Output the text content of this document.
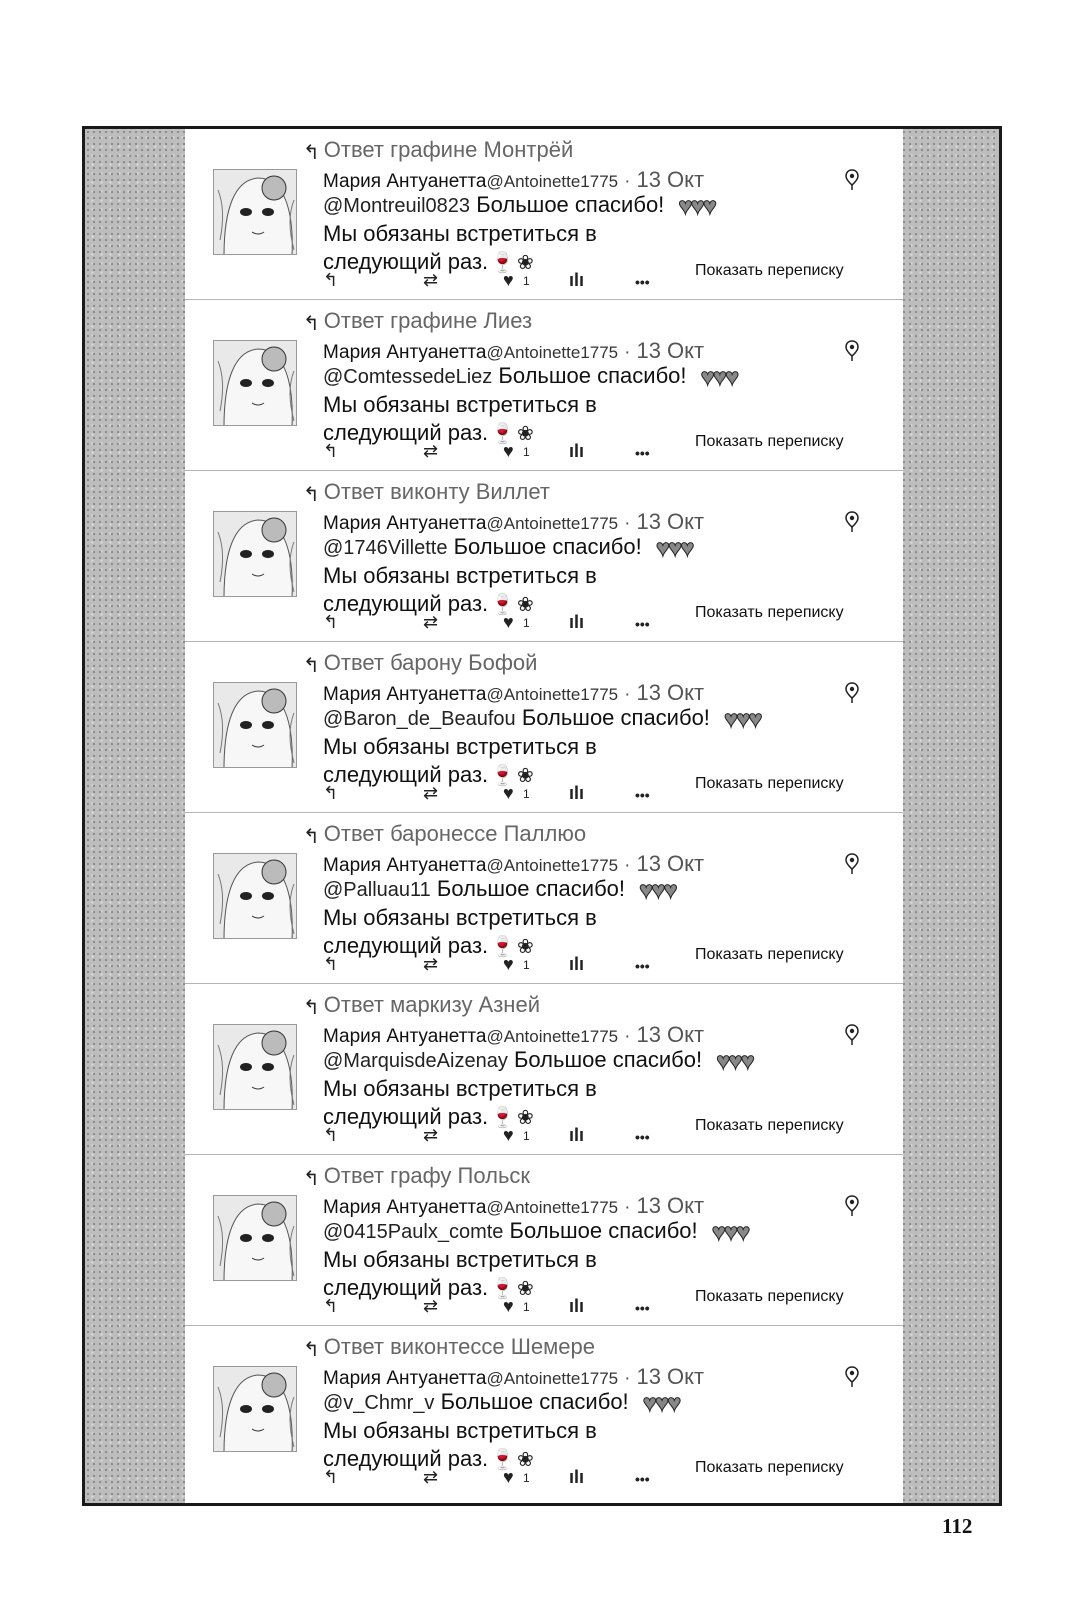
↰ Ответ графине Монтрёй
Мария Антуанетта@Antoinette1775 · 13 Окт
@Montreuil0823 Большое спасибо! ♥♥♥
Мы обязаны встретиться в
следующий раз. 🍷 ❀
↰	⇄	♥ 1 ılı	•••
Показать переписку
↰ Ответ графине Лиез
Мария Антуанетта@Antoinette1775 · 13 Окт
@ComtessedeLiez Большое спасибо! ♥♥♥
Мы обязаны встретиться в
следующий раз. 🍷 ❀
↰	⇄	♥ 1 ılı	•••
Показать переписку
↰ Ответ виконту Виллет
Мария Антуанетта@Antoinette1775 · 13 Окт
@1746Villette Большое спасибо! ♥♥♥
Мы обязаны встретиться в
следующий раз. 🍷 ❀
↰	⇄	♥ 1 ılı	•••
Показать переписку
↰ Ответ барону Бофой
Мария Антуанетта@Antoinette1775 · 13 Окт
@Baron_de_Beaufou Большое спасибо! ♥♥♥
Мы обязаны встретиться в
следующий раз. 🍷 ❀
↰	⇄	♥ 1 ılı	•••
Показать переписку
↰ Ответ баронессе Паллюо
Мария Антуанетта@Antoinette1775 · 13 Окт
@Palluau11 Большое спасибо! ♥♥♥
Мы обязаны встретиться в
следующий раз. 🍷 ❀
↰	⇄	♥ 1 ılı	•••
Показать переписку
↰ Ответ маркизу Азней
Мария Антуанетта@Antoinette1775 · 13 Окт
@MarquisdeAizenay Большое спасибо! ♥♥♥
Мы обязаны встретиться в
следующий раз. 🍷 ❀
↰	⇄	♥ 1 ılı	•••
Показать переписку
↰ Ответ графу Польск
Мария Антуанетта@Antoinette1775 · 13 Окт
@0415Paulx_comte Большое спасибо! ♥♥♥
Мы обязаны встретиться в
следующий раз. 🍷 ❀
↰	⇄	♥ 1 ılı	•••
Показать переписку
↰ Ответ виконтессе Шемере
Мария Антуанетта@Antoinette1775 · 13 Окт
@v_Chmr_v Большое спасибо! ♥♥♥
Мы обязаны встретиться в
следующий раз. 🍷 ❀
↰	⇄	♥ 1 ılı	•••
Показать переписку
112
